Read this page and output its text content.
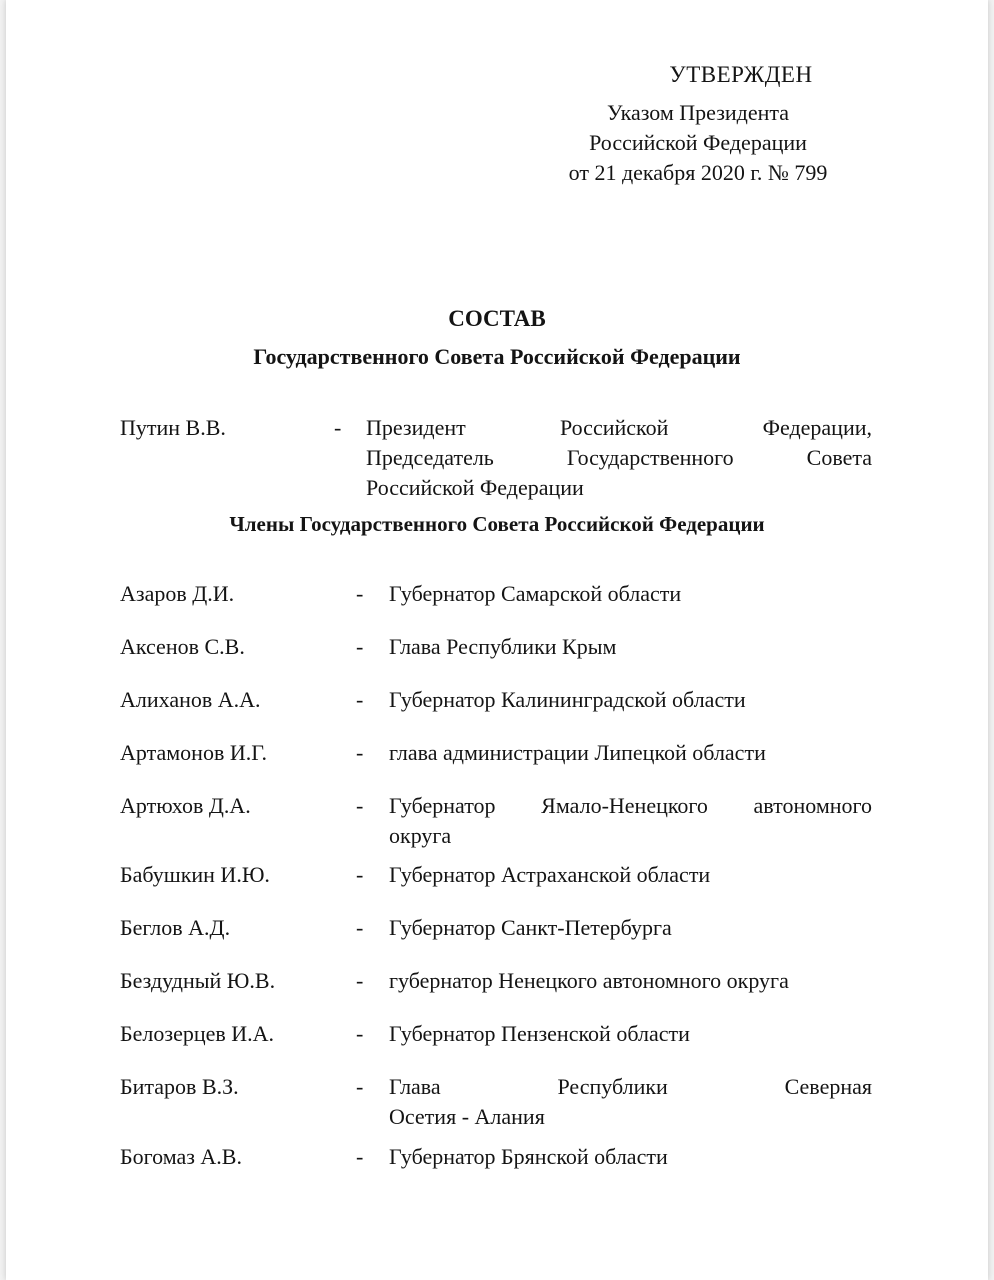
УТВЕРЖДЕН
Указом Президента
Российской Федерации
от 21 декабря 2020 г. № 799
СОСТАВ
Государственного Совета Российской Федерации
Путин В.В.	- Президент Российской Федерации,
Председатель Государственного Совета
Российской Федерации
Члены Государственного Совета Российской Федерации
Азаров Д.И.	- Губернатор Самарской области
Аксенов С.В.	- Глава Республики Крым
Алиханов А.А.	- Губернатор Калининградской области
Артамонов И.Г.	- глава администрации Липецкой области
Артюхов Д.А.	- Губернатор Ямало-Ненецкого автономного
округа
Бабушкин И.Ю.	- Губернатор Астраханской области
Беглов А.Д.	- Губернатор Санкт-Петербурга
Бездудный Ю.В.	- губернатор Ненецкого автономного округа
Белозерцев И.А.	- Губернатор Пензенской области
Битаров В.З.	- Глава Республики Северная
Осетия - Алания
Богомаз А.В.	- Губернатор Брянской области
